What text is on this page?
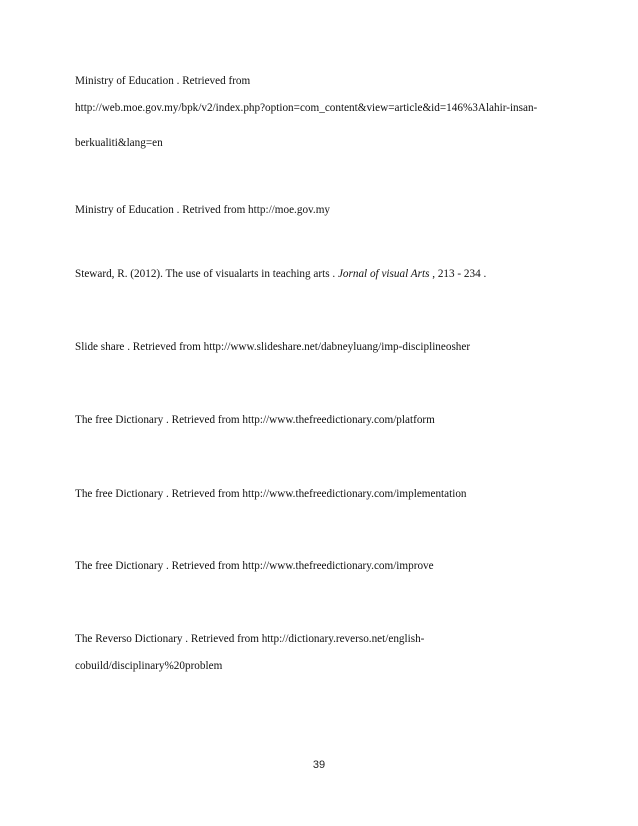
Ministry of Education . Retrieved from
http://web.moe.gov.my/bpk/v2/index.php?option=com_content&view=article&id=146%3Alahir-insan-
berkualiti&lang=en
Ministry of Education . Retrived from http://moe.gov.my
Steward, R. (2012). The use of visualarts in teaching arts . Jornal of visual Arts , 213 - 234 .
Slide share . Retrieved from http://www.slideshare.net/dabneyluang/imp-disciplineosher
The free Dictionary . Retrieved from http://www.thefreedictionary.com/platform
The free Dictionary . Retrieved from http://www.thefreedictionary.com/implementation
The free Dictionary . Retrieved from http://www.thefreedictionary.com/improve
The Reverso Dictionary . Retrieved from http://dictionary.reverso.net/english-
cobuild/disciplinary%20problem
39
